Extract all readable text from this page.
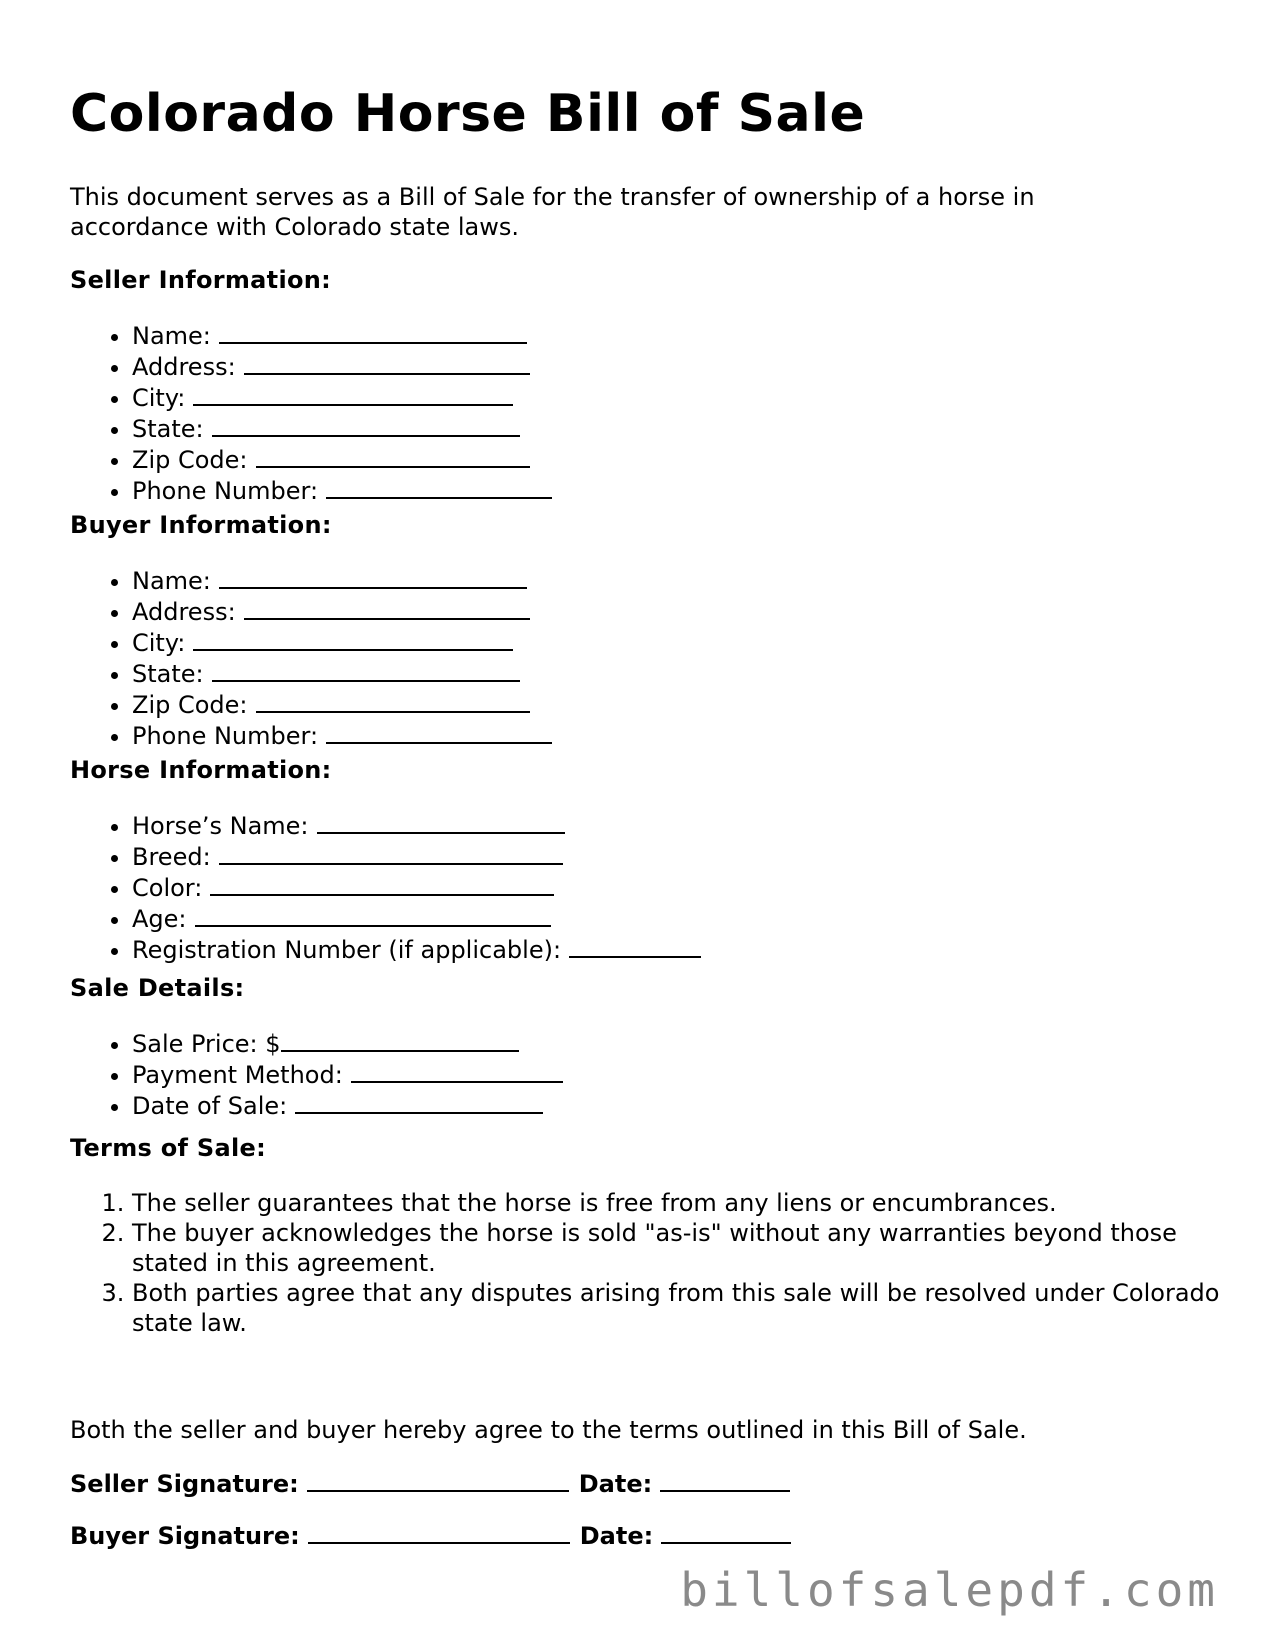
Colorado Horse Bill of Sale

This document serves as a Bill of Sale for the transfer of ownership of a horse in accordance with Colorado state laws.

Seller Information:

• Name:
• Address:
• City:
• State:
• Zip Code:
• Phone Number:

Buyer Information:

• Name:
• Address:
• City:
• State:
• Zip Code:
• Phone Number:

Horse Information:

• Horse’s Name:
• Breed:
• Color:
• Age:
• Registration Number (if applicable):

Sale Details:

• Sale Price: $
• Payment Method:
• Date of Sale:

Terms of Sale:

1. The seller guarantees that the horse is free from any liens or encumbrances.
2. The buyer acknowledges the horse is sold "as-is" without any warranties beyond those stated in this agreement.
3. Both parties agree that any disputes arising from this sale will be resolved under Colorado state law.

Both the seller and buyer hereby agree to the terms outlined in this Bill of Sale.

Seller Signature:	Date:

Buyer Signature:	Date:

billofsalepdf.com
